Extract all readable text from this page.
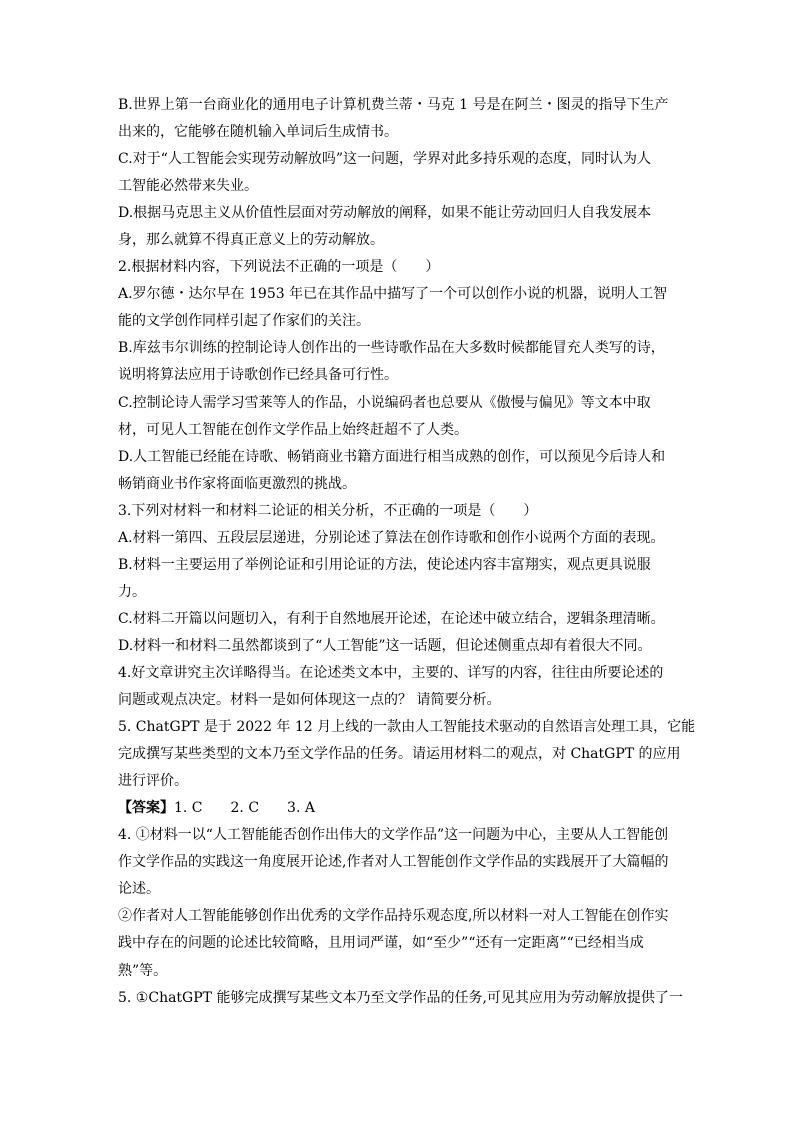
B.世界上第一台商业化的通用电子计算机费兰蒂・马克 1 号是在阿兰・图灵的指导下生产
出来的，它能够在随机输入单词后生成情书。
C.对于“人工智能会实现劳动解放吗”这一问题，学界对此多持乐观的态度，同时认为人
工智能必然带来失业。
D.根据马克思主义从价值性层面对劳动解放的阐释，如果不能让劳动回归人自我发展本
身，那么就算不得真正意义上的劳动解放。
2.根据材料内容，下列说法不正确的一项是（　　）
A.罗尔德・达尔早在 1953 年已在其作品中描写了一个可以创作小说的机器，说明人工智
能的文学创作同样引起了作家们的关注。
B.库兹韦尔训练的控制论诗人创作出的一些诗歌作品在大多数时候都能冒充人类写的诗，
说明将算法应用于诗歌创作已经具备可行性。
C.控制论诗人需学习雪莱等人的作品，小说编码者也总要从《傲慢与偏见》等文本中取
材，可见人工智能在创作文学作品上始终赶超不了人类。
D.人工智能已经能在诗歌、畅销商业书籍方面进行相当成熟的创作，可以预见今后诗人和
畅销商业书作家将面临更激烈的挑战。
3.下列对材料一和材料二论证的相关分析，不正确的一项是（　　）
A.材料一第四、五段层层递进，分别论述了算法在创作诗歌和创作小说两个方面的表现。
B.材料一主要运用了举例论证和引用论证的方法，使论述内容丰富翔实，观点更具说服
力。
C.材料二开篇以问题切入，有利于自然地展开论述，在论述中破立结合，逻辑条理清晰。
D.材料一和材料二虽然都谈到了“人工智能”这一话题，但论述侧重点却有着很大不同。
4.好文章讲究主次详略得当。在论述类文本中，主要的、详写的内容，往往由所要论述的
问题或观点决定。材料一是如何体现这一点的？ 请简要分析。
5. ChatGPT 是于 2022 年 12 月上线的一款由人工智能技术驱动的自然语言处理工具，它能
完成撰写某些类型的文本乃至文学作品的任务。请运用材料二的观点，对 ChatGPT 的应用
进行评价。
【答案】1. C　　2. C　　3. A
4. ①材料一以“人工智能能否创作出伟大的文学作品”这一问题为中心，主要从人工智能创
作文学作品的实践这一角度展开论述,作者对人工智能创作文学作品的实践展开了大篇幅的
论述。
②作者对人工智能能够创作出优秀的文学作品持乐观态度,所以材料一对人工智能在创作实
践中存在的问题的论述比较简略，且用词严谨，如“至少”“还有一定距离”“已经相当成
熟”等。
5. ①ChatGPT 能够完成撰写某些文本乃至文学作品的任务,可见其应用为劳动解放提供了一
